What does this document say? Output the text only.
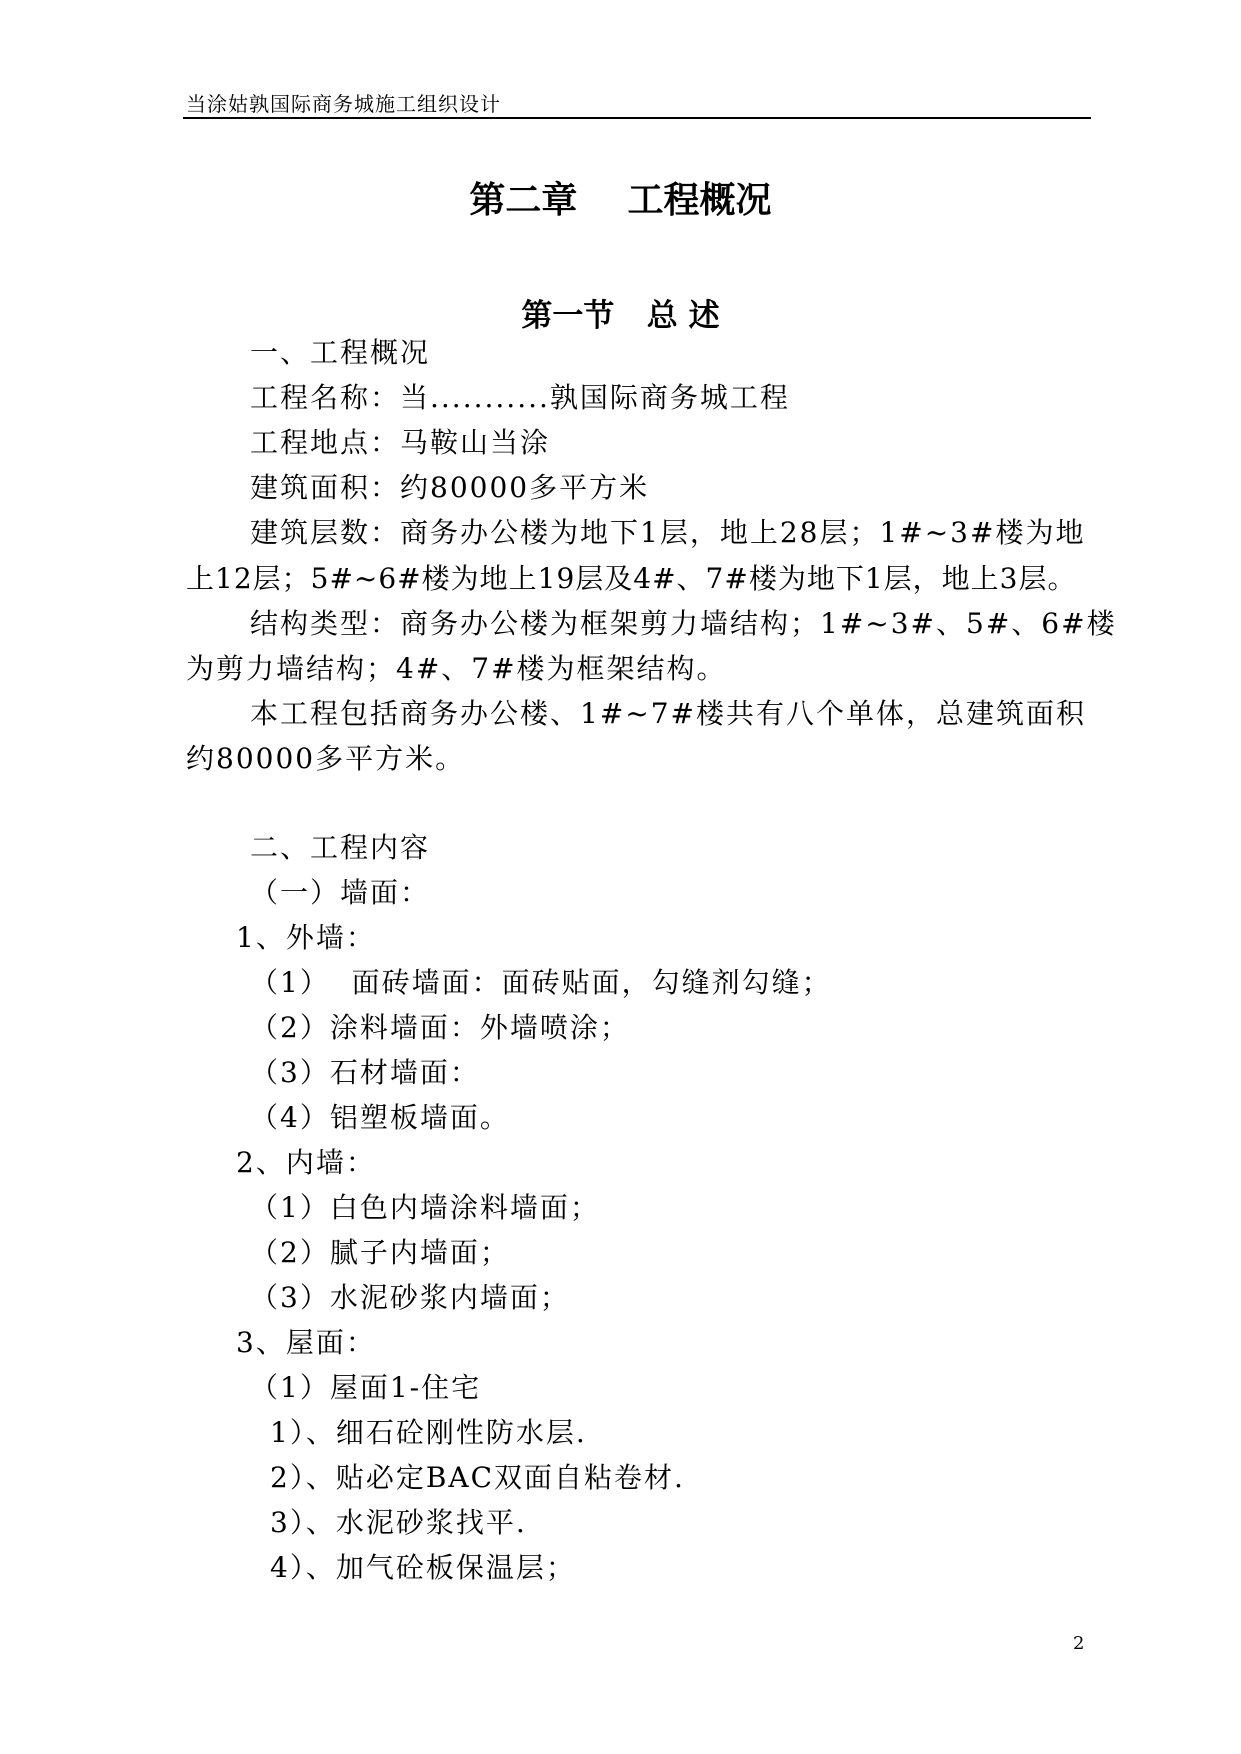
当涂姑孰国际商务城施工组织设计
第二章    工程概况
第一节   总 述
一、工程概况
工程名称：当...........孰国际商务城工程
工程地点：马鞍山当涂
建筑面积：约80000多平方米
建筑层数：商务办公楼为地下1层，地上28层；1#~3#楼为地
上12层；5#~6#楼为地上19层及4#、7#楼为地下1层，地上3层。
结构类型：商务办公楼为框架剪力墙结构；1#~3#、5#、6#楼
为剪力墙结构；4#、7#楼为框架结构。
本工程包括商务办公楼、1#~7#楼共有八个单体，总建筑面积
约80000多平方米。
二、工程内容
（一）墙面：
1、外墙：
（1）  面砖墙面：面砖贴面，勾缝剂勾缝；
（2）涂料墙面：外墙喷涂；
（3）石材墙面：
（4）铝塑板墙面。
2、内墙：
（1）白色内墙涂料墙面；
（2）腻子内墙面；
（3）水泥砂浆内墙面；
3、屋面：
（1）屋面1-住宅
1）、细石砼刚性防水层.
2）、贴必定BAC双面自粘卷材.
3）、水泥砂浆找平.
4）、加气砼板保温层；
2
